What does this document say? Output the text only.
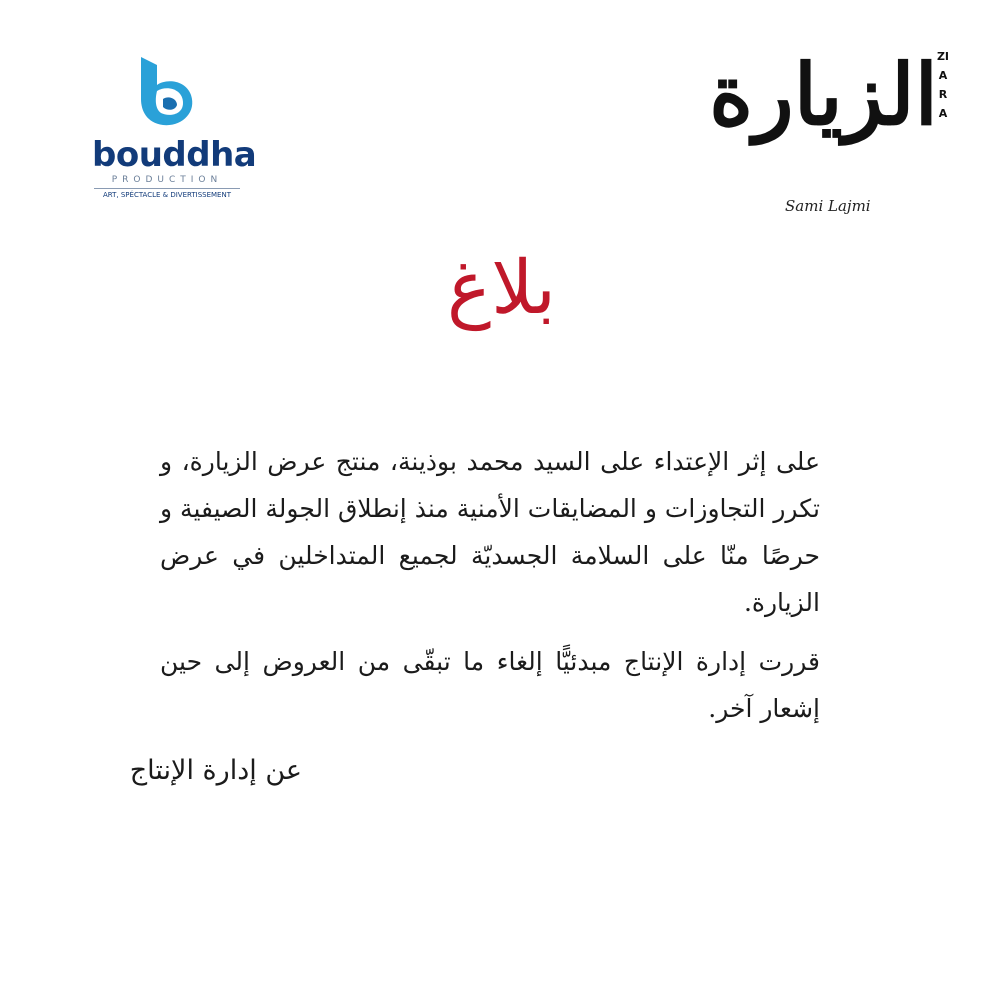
bouddha
PRODUCTION
ART, SPÉCTACLE & DIVERTISSEMENT
الزيارة
ZIARA
Sami Lajmi
بلاغ

على إثر الإعتداء على السيد محمد بوذينة، منتج عرض الزيارة، و تكرر التجاوزات و المضايقات الأمنية منذ إنطلاق الجولة الصيفية و حرصًا منّا على السلامة الجسديّة لجميع المتداخلين في عرض الزيارة.

قررت إدارة الإنتاج مبدئيًّا إلغاء ما تبقّى من العروض إلى حين إشعار آخر.

عن إدارة الإنتاج
